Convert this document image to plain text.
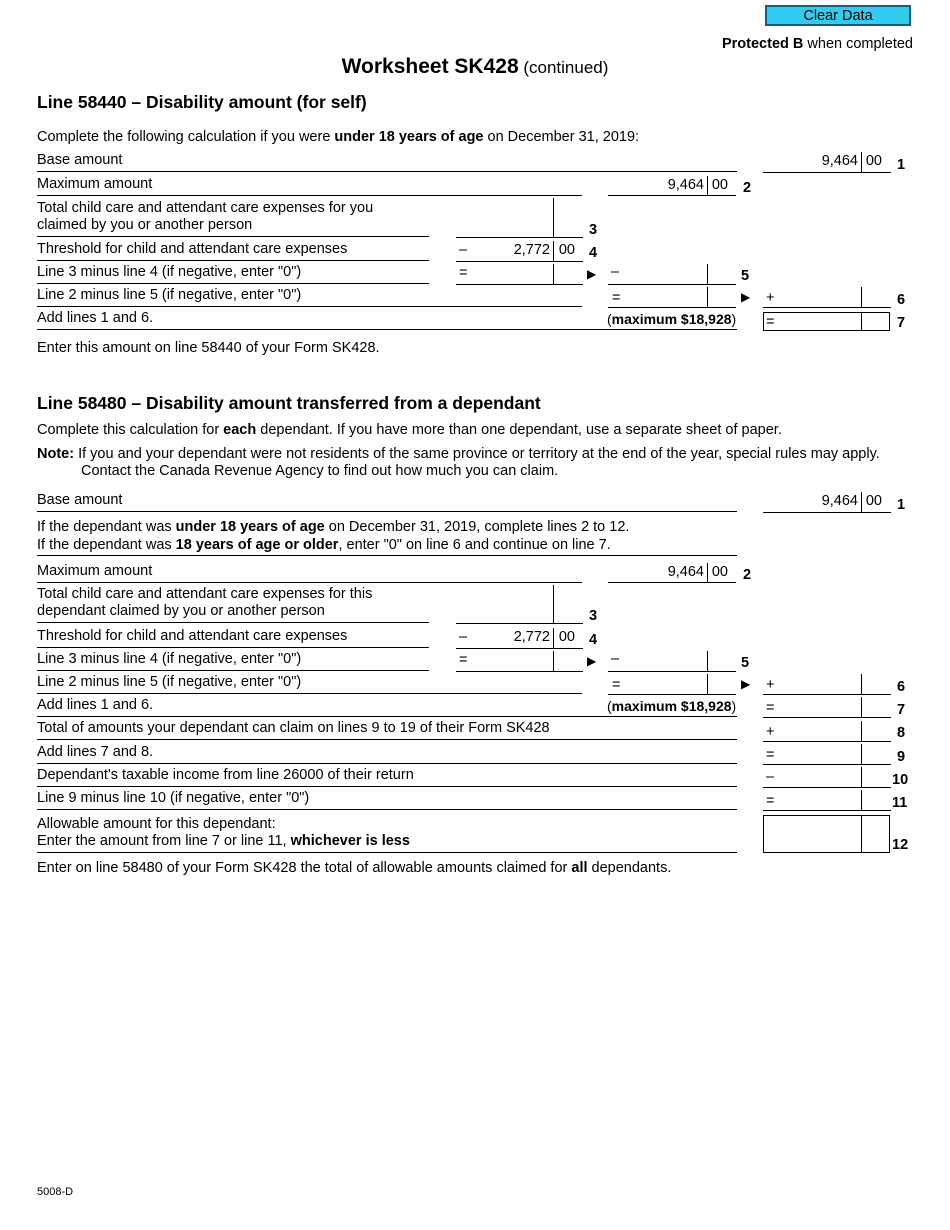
Clear Data
Protected B when completed
Worksheet SK428 (continued)
Line 58440 – Disability amount (for self)
Complete the following calculation if you were under 18 years of age on December 31, 2019:
Base amount	9,464 00 1
Maximum amount	9,464 00 2
Total child care and attendant care expenses for you
claimed by you or another person	3
Threshold for child and attendant care expenses	–	2,772 00 4
Line 3 minus line 4 (if negative, enter "0")	=	▶ –	5
Line 2 minus line 5 (if negative, enter "0")	=	▶ +	6
Add lines 1 and 6.	(maximum $18,928) =	7
Enter this amount on line 58440 of your Form SK428.
Line 58480 – Disability amount transferred from a dependant
Complete this calculation for each dependant. If you have more than one dependant, use a separate sheet of paper.
Note: If you and your dependant were not residents of the same province or territory at the end of the year, special rules may apply. Contact the Canada Revenue Agency to find out how much you can claim.
Base amount	9,464 00 1
If the dependant was under 18 years of age on December 31, 2019, complete lines 2 to 12.
If the dependant was 18 years of age or older, enter "0" on line 6 and continue on line 7.
Maximum amount	9,464 00 2
Total child care and attendant care expenses for this
dependant claimed by you or another person	3
Threshold for child and attendant care expenses	–	2,772 00 4
Line 3 minus line 4 (if negative, enter "0")	=	▶ –	5
Line 2 minus line 5 (if negative, enter "0")	=	▶ +	6
Add lines 1 and 6.	(maximum $18,928) =	7
Total of amounts your dependant can claim on lines 9 to 19 of their Form SK428	+	8
Add lines 7 and 8.	=	9
Dependant's taxable income from line 26000 of their return	–	10
Line 9 minus line 10 (if negative, enter "0")	=	11
Allowable amount for this dependant:
Enter the amount from line 7 or line 11, whichever is less	12
Enter on line 58480 of your Form SK428 the total of allowable amounts claimed for all dependants.
5008-D
